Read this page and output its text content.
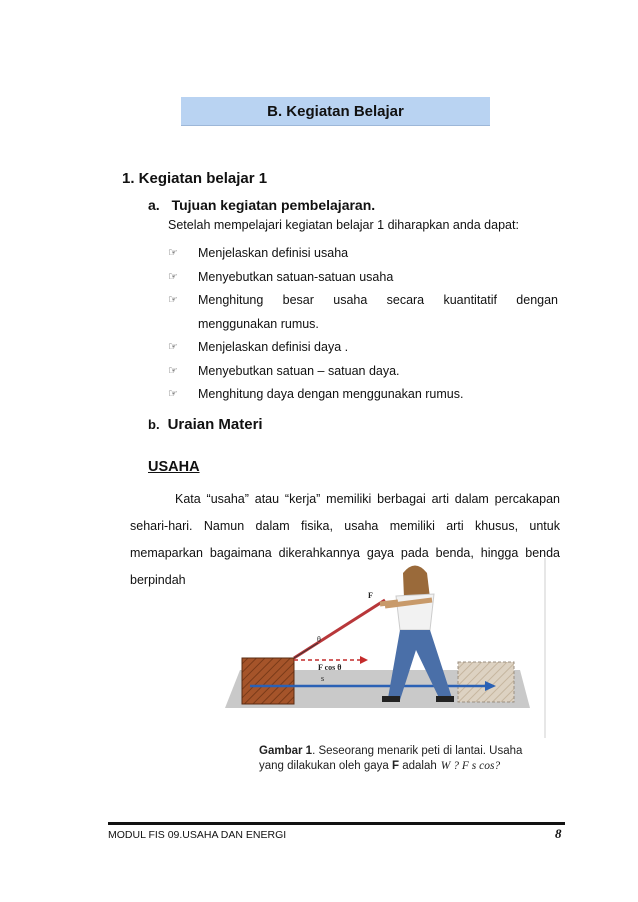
B. Kegiatan Belajar
1. Kegiatan belajar 1
a. Tujuan kegiatan pembelajaran.
Setelah mempelajari kegiatan belajar 1 diharapkan anda dapat:
☞	Menjelaskan definisi usaha
☞	Menyebutkan satuan-satuan usaha
☞	Menghitung besar usaha secara kuantitatif dengan
menggunakan rumus.
☞	Menjelaskan definisi daya .
☞	Menyebutkan satuan – satuan daya.
☞	Menghitung daya dengan menggunakan rumus.
b. Uraian Materi
USAHA
Kata “usaha” atau “kerja” memiliki berbagai arti dalam percakapan
sehari-hari. Namun dalam fisika, usaha memiliki arti khusus, untuk
memaparkan bagaimana dikerahkannya gaya pada benda, hingga benda
berpindah
F
θ
F cos θ
s
Gambar 1. Seseorang menarik peti di lantai. Usaha
yang dilakukan oleh gaya F adalah W ? F s cos?
MODUL FIS 09.USAHA DAN ENERGI	8
